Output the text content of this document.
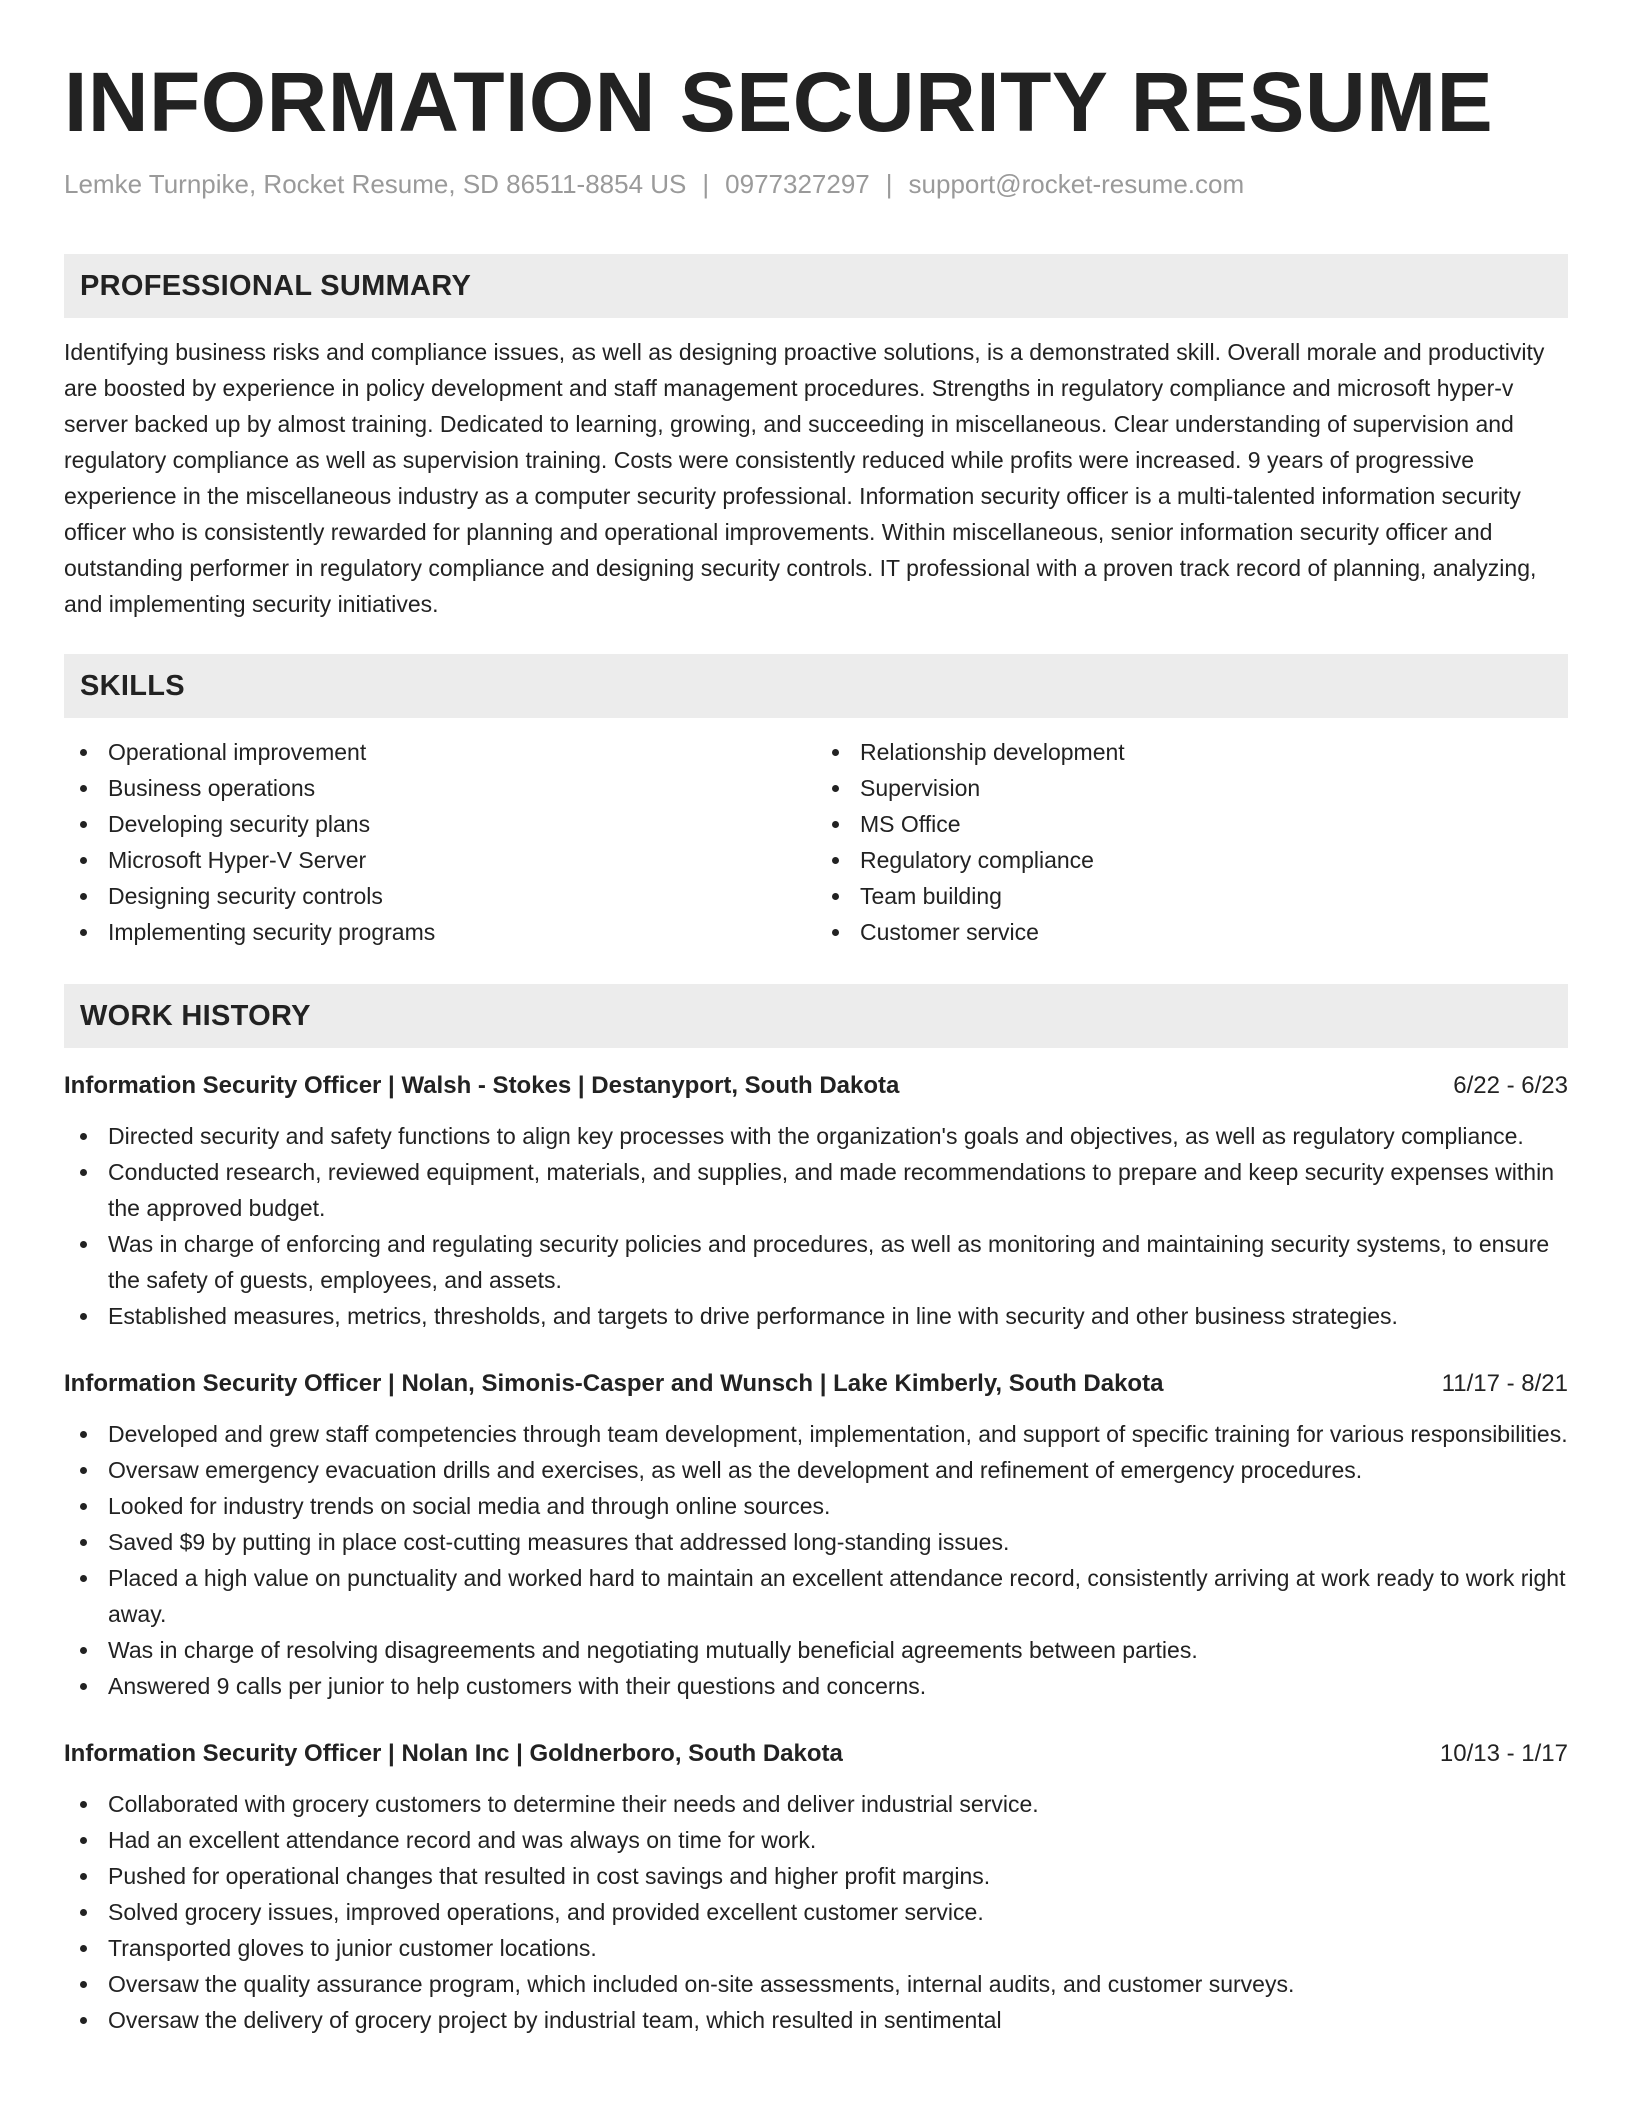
INFORMATION SECURITY RESUME
Lemke Turnpike, Rocket Resume, SD 86511-8854 US | 0977327297 | support@rocket-resume.com
PROFESSIONAL SUMMARY

Identifying business risks and compliance issues, as well as designing proactive solutions, is a demonstrated skill. Overall morale and productivity are boosted by experience in policy development and staff management procedures. Strengths in regulatory compliance and microsoft hyper-v server backed up by almost training. Dedicated to learning, growing, and succeeding in miscellaneous. Clear understanding of supervision and regulatory compliance as well as supervision training. Costs were consistently reduced while profits were increased. 9 years of progressive experience in the miscellaneous industry as a computer security professional. Information security officer is a multi-talented information security officer who is consistently rewarded for planning and operational improvements. Within miscellaneous, senior information security officer and outstanding performer in regulatory compliance and designing security controls. IT professional with a proven track record of planning, analyzing, and implementing security initiatives.

SKILLS
Operational improvement
Business operations
Developing security plans
Microsoft Hyper-V Server
Designing security controls
Implementing security programs
Relationship development
Supervision
MS Office
Regulatory compliance
Team building
Customer service
WORK HISTORY
Information Security Officer | Walsh - Stokes | Destanyport, South Dakota	6/22 - 6/23
Directed security and safety functions to align key processes with the organization's goals and objectives, as well as regulatory compliance.
Conducted research, reviewed equipment, materials, and supplies, and made recommendations to prepare and keep security expenses within the approved budget.
Was in charge of enforcing and regulating security policies and procedures, as well as monitoring and maintaining security systems, to ensure the safety of guests, employees, and assets.
Established measures, metrics, thresholds, and targets to drive performance in line with security and other business strategies.
Information Security Officer | Nolan, Simonis-Casper and Wunsch | Lake Kimberly, South Dakota	11/17 - 8/21
Developed and grew staff competencies through team development, implementation, and support of specific training for various responsibilities.
Oversaw emergency evacuation drills and exercises, as well as the development and refinement of emergency procedures.
Looked for industry trends on social media and through online sources.
Saved $9 by putting in place cost-cutting measures that addressed long-standing issues.
Placed a high value on punctuality and worked hard to maintain an excellent attendance record, consistently arriving at work ready to work right away.
Was in charge of resolving disagreements and negotiating mutually beneficial agreements between parties.
Answered 9 calls per junior to help customers with their questions and concerns.
Information Security Officer | Nolan Inc | Goldnerboro, South Dakota	10/13 - 1/17
Collaborated with grocery customers to determine their needs and deliver industrial service.
Had an excellent attendance record and was always on time for work.
Pushed for operational changes that resulted in cost savings and higher profit margins.
Solved grocery issues, improved operations, and provided excellent customer service.
Transported gloves to junior customer locations.
Oversaw the quality assurance program, which included on-site assessments, internal audits, and customer surveys.
Oversaw the delivery of grocery project by industrial team, which resulted in sentimental
